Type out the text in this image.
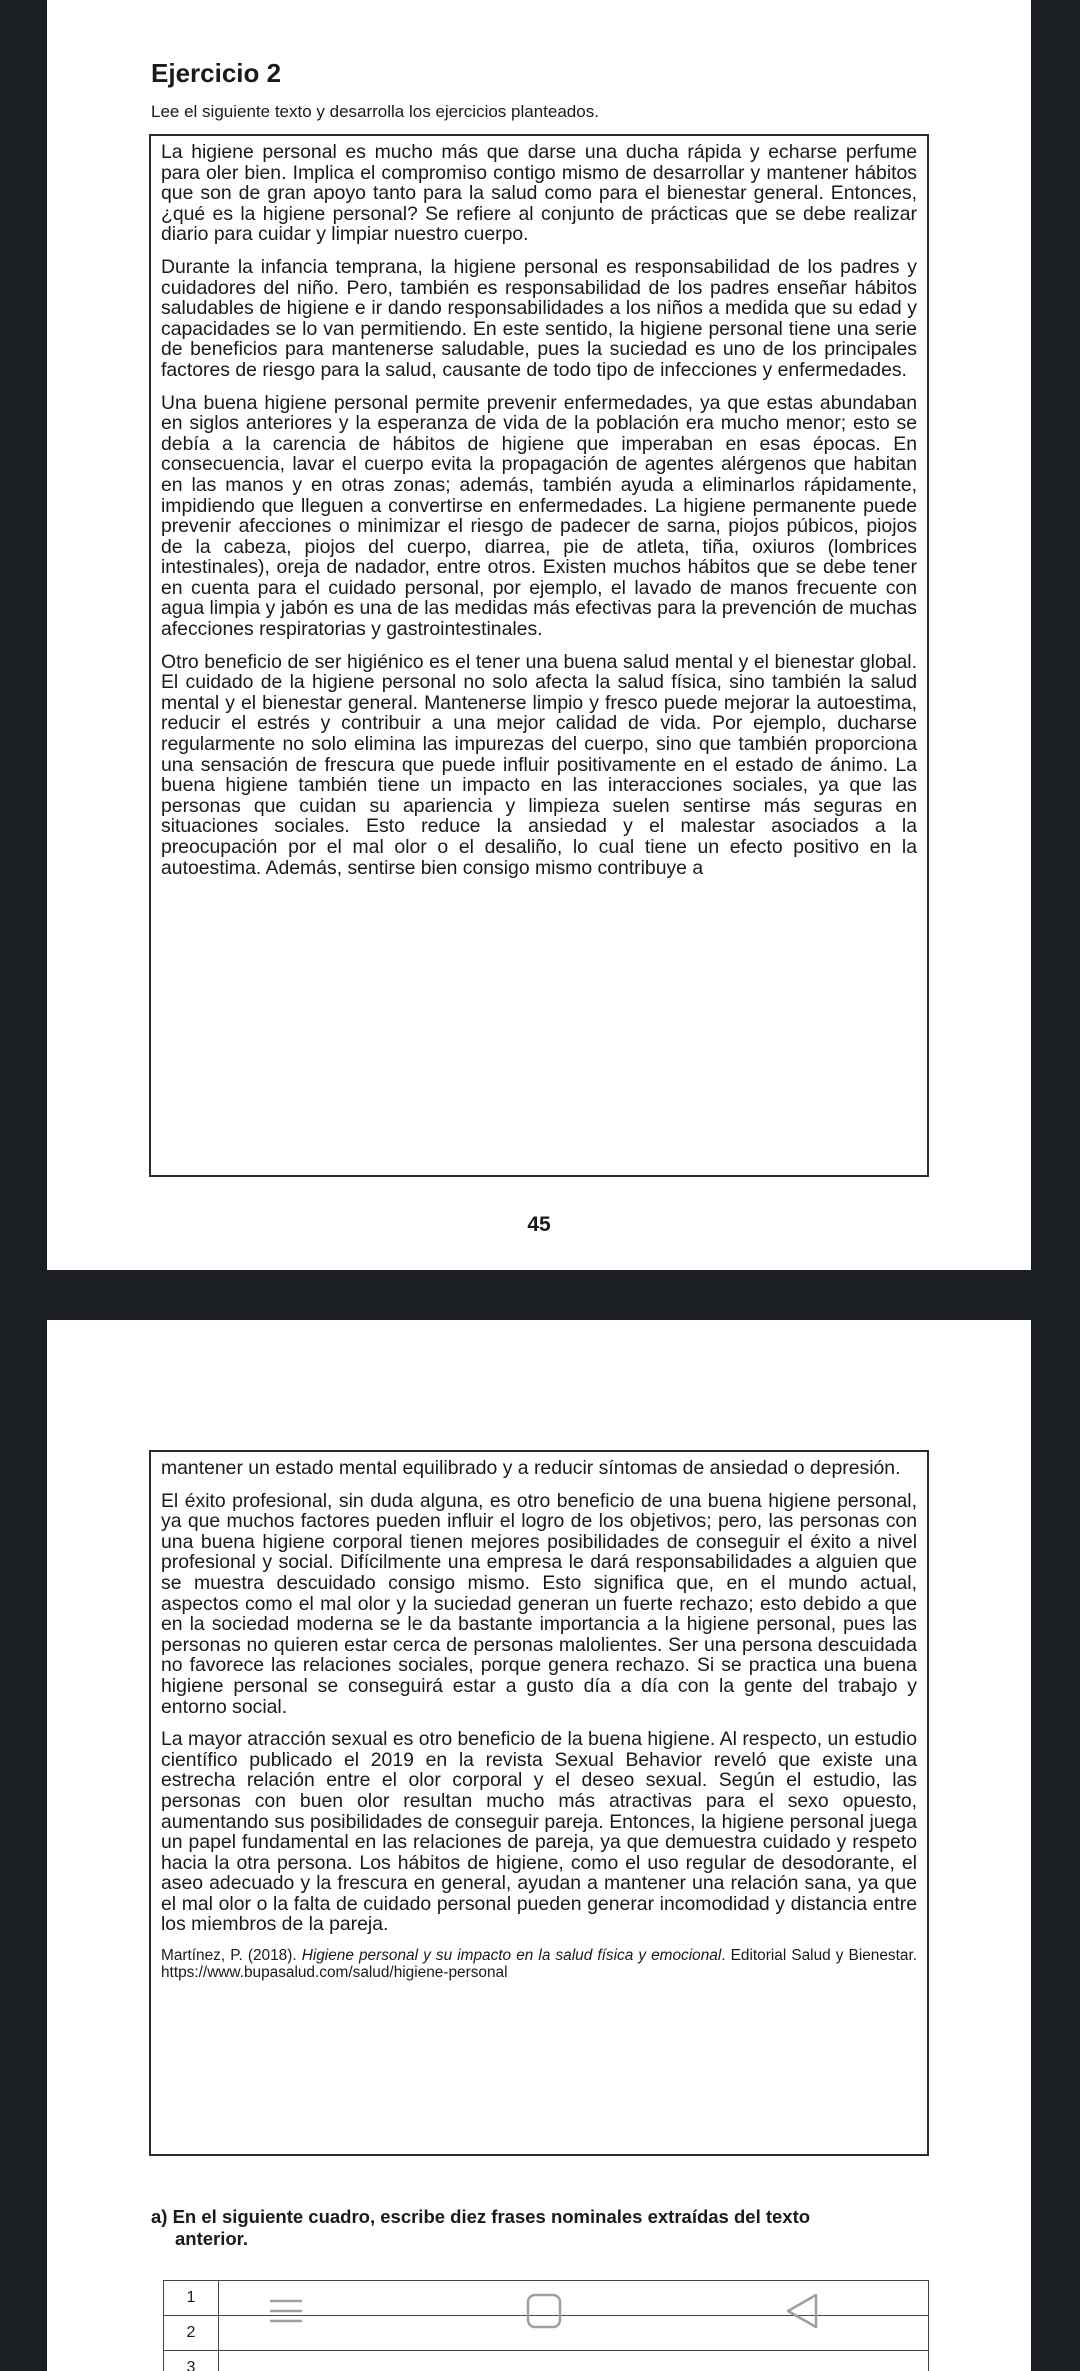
Ejercicio 2
Lee el siguiente texto y desarrolla los ejercicios planteados.

La higiene personal es mucho más que darse una ducha rápida y echarse perfume para oler bien. Implica el compromiso contigo mismo de desarrollar y mantener hábitos que son de gran apoyo tanto para la salud como para el bienestar general. Entonces, ¿qué es la higiene personal? Se refiere al conjunto de prácticas que se debe realizar diario para cuidar y limpiar nuestro cuerpo.

Durante la infancia temprana, la higiene personal es responsabilidad de los padres y cuidadores del niño. Pero, también es responsabilidad de los padres enseñar hábitos saludables de higiene e ir dando responsabilidades a los niños a medida que su edad y capacidades se lo van permitiendo. En este sentido, la higiene personal tiene una serie de beneficios para mantenerse saludable, pues la suciedad es uno de los principales factores de riesgo para la salud, causante de todo tipo de infecciones y enfermedades.

Una buena higiene personal permite prevenir enfermedades, ya que estas abundaban en siglos anteriores y la esperanza de vida de la población era mucho menor; esto se debía a la carencia de hábitos de higiene que imperaban en esas épocas. En consecuencia, lavar el cuerpo evita la propagación de agentes alérgenos que habitan en las manos y en otras zonas; además, también ayuda a eliminarlos rápidamente, impidiendo que lleguen a convertirse en enfermedades. La higiene permanente puede prevenir afecciones o minimizar el riesgo de padecer de sarna, piojos púbicos, piojos de la cabeza, piojos del cuerpo, diarrea, pie de atleta, tiña, oxiuros (lombrices intestinales), oreja de nadador, entre otros. Existen muchos hábitos que se debe tener en cuenta para el cuidado personal, por ejemplo, el lavado de manos frecuente con agua limpia y jabón es una de las medidas más efectivas para la prevención de muchas afecciones respiratorias y gastrointestinales.

Otro beneficio de ser higiénico es el tener una buena salud mental y el bienestar global. El cuidado de la higiene personal no solo afecta la salud física, sino también la salud mental y el bienestar general. Mantenerse limpio y fresco puede mejorar la autoestima, reducir el estrés y contribuir a una mejor calidad de vida. Por ejemplo, ducharse regularmente no solo elimina las impurezas del cuerpo, sino que también proporciona una sensación de frescura que puede influir positivamente en el estado de ánimo. La buena higiene también tiene un impacto en las interacciones sociales, ya que las personas que cuidan su apariencia y limpieza suelen sentirse más seguras en situaciones sociales. Esto reduce la ansiedad y el malestar asociados a la preocupación por el mal olor o el desaliño, lo cual tiene un efecto positivo en la autoestima. Además, sentirse bien consigo mismo contribuye a

45

mantener un estado mental equilibrado y a reducir síntomas de ansiedad o depresión.

El éxito profesional, sin duda alguna, es otro beneficio de una buena higiene personal, ya que muchos factores pueden influir el logro de los objetivos; pero, las personas con una buena higiene corporal tienen mejores posibilidades de conseguir el éxito a nivel profesional y social. Difícilmente una empresa le dará responsabilidades a alguien que se muestra descuidado consigo mismo. Esto significa que, en el mundo actual, aspectos como el mal olor y la suciedad generan un fuerte rechazo; esto debido a que en la sociedad moderna se le da bastante importancia a la higiene personal, pues las personas no quieren estar cerca de personas malolientes. Ser una persona descuidada no favorece las relaciones sociales, porque genera rechazo. Si se practica una buena higiene personal se conseguirá estar a gusto día a día con la gente del trabajo y entorno social.

La mayor atracción sexual es otro beneficio de la buena higiene. Al respecto, un estudio científico publicado el 2019 en la revista Sexual Behavior reveló que existe una estrecha relación entre el olor corporal y el deseo sexual. Según el estudio, las personas con buen olor resultan mucho más atractivas para el sexo opuesto, aumentando sus posibilidades de conseguir pareja. Entonces, la higiene personal juega un papel fundamental en las relaciones de pareja, ya que demuestra cuidado y respeto hacia la otra persona. Los hábitos de higiene, como el uso regular de desodorante, el aseo adecuado y la frescura en general, ayudan a mantener una relación sana, ya que el mal olor o la falta de cuidado personal pueden generar incomodidad y distancia entre los miembros de la pareja.

Martínez, P. (2018). Higiene personal y su impacto en la salud física y emocional. Editorial Salud y Bienestar. https://www.bupasalud.com/salud/higiene-personal

a) En el siguiente cuadro, escribe diez frases nominales extraídas del texto
anterior.
1	
2	
3	
